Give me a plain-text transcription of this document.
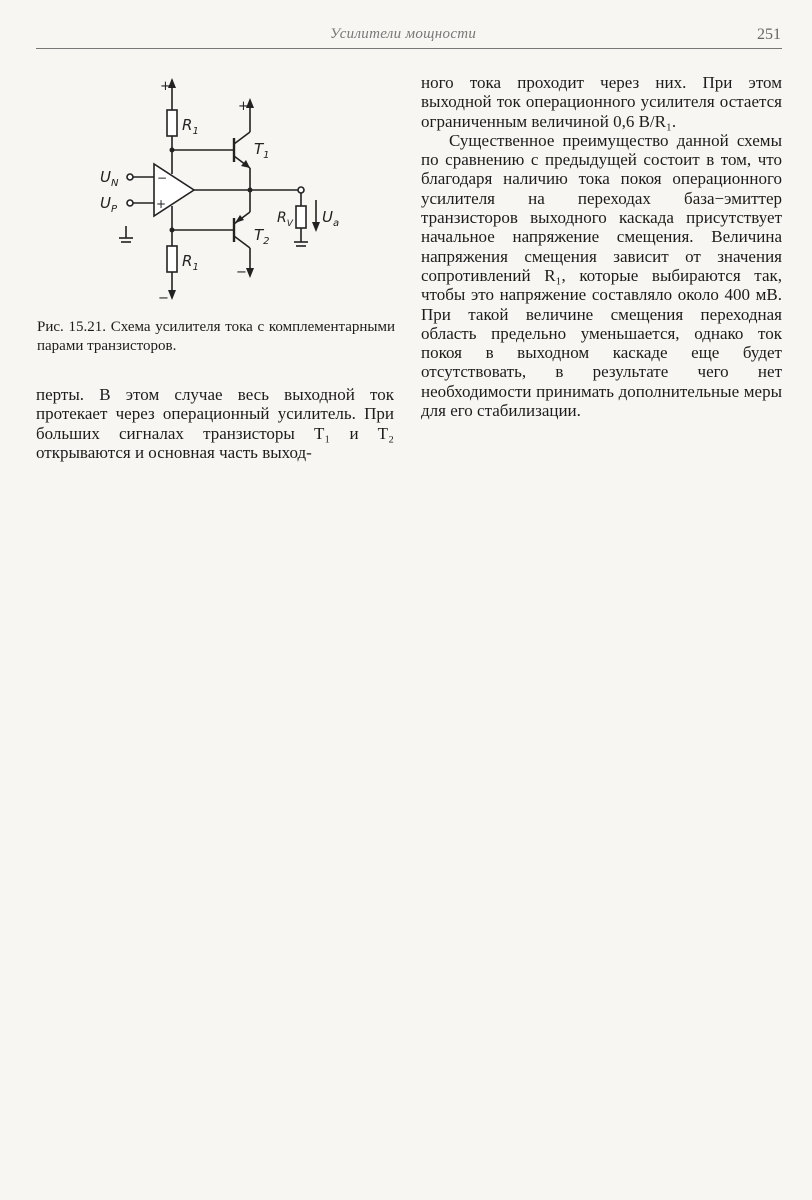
Усилители мощности	251
$R_1$
$R_1$
$T_1$
$T_2$
$U_N$
$U_P$
$R_V$ $U_a$
+
+
−
−
−
+
Рис. 15.21. Схема усилителя тока с комплементарными парами транзисторов.

перты. В этом случае весь выходной ток протекает через операционный усилитель. При больших сигналах транзисторы T₁ и T₂ открываются и основная часть выход-

ного тока проходит через них. При этом выходной ток операционного усилителя остается ограниченным величиной 0,6 В/R₁.

Существенное преимущество данной схемы по сравнению с предыдущей состоит в том, что благодаря наличию тока покоя операционного усилителя на переходах база−эмиттер транзисторов выходного каскада присутствует начальное напряжение смещения. Величина напряжения смещения зависит от значения сопротивлений R₁, которые выбираются так, чтобы это напряжение составляло около 400 мВ. При такой величине смещения переходная область предельно уменьшается, однако ток покоя в выходном каскаде еще будет отсутствовать, в результате чего нет необходимости принимать дополнительные меры для его стабилизации.
